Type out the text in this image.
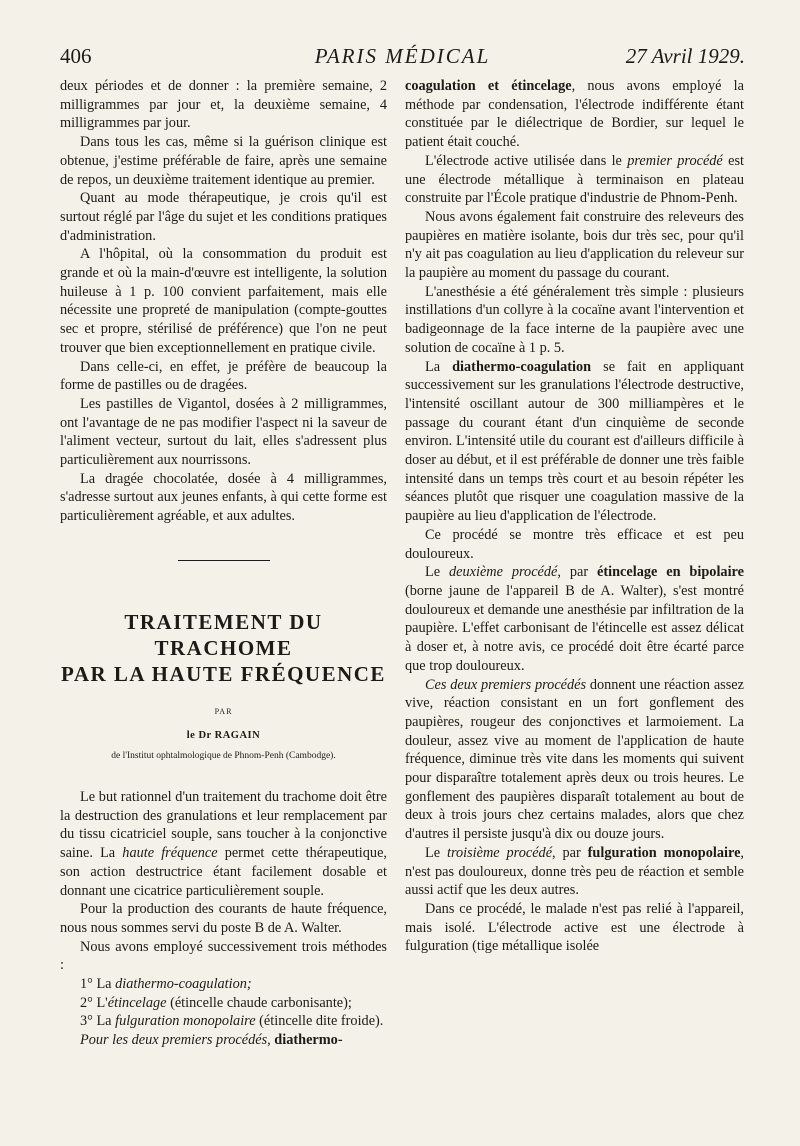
406	PARIS MÉDICAL	27 Avril 1929.

deux périodes et de donner : la première semaine, 2 milligrammes par jour et, la deuxième semaine, 4 milligrammes par jour.

Dans tous les cas, même si la guérison clinique est obtenue, j'estime préférable de faire, après une semaine de repos, un deuxième traitement identique au premier.

Quant au mode thérapeutique, je crois qu'il est surtout réglé par l'âge du sujet et les conditions pratiques d'administration.

A l'hôpital, où la consommation du produit est grande et où la main-d'œuvre est intelligente, la solution huileuse à 1 p. 100 convient parfaitement, mais elle nécessite une propreté de manipulation (compte-gouttes sec et propre, stérilisé de préférence) que l'on ne peut trouver que bien exceptionnellement en pratique civile.

Dans celle-ci, en effet, je préfère de beaucoup la forme de pastilles ou de dragées.

Les pastilles de Vigantol, dosées à 2 milligrammes, ont l'avantage de ne pas modifier l'aspect ni la saveur de l'aliment vecteur, surtout du lait, elles s'adressent plus particulièrement aux nourrissons.

La dragée chocolatée, dosée à 4 milligrammes, s'adresse surtout aux jeunes enfants, à qui cette forme est particulièrement agréable, et aux adultes.

TRAITEMENT DU TRACHOME
PAR LA HAUTE FRÉQUENCE
PAR
le Dr RAGAIN
de l'Institut ophtalmologique de Phnom-Penh (Cambodge).

Le but rationnel d'un traitement du trachome doit être la destruction des granulations et leur remplacement par du tissu cicatriciel souple, sans toucher à la conjonctive saine. La haute fréquence permet cette thérapeutique, son action destructrice étant facilement dosable et donnant une cicatrice particulièrement souple.

Pour la production des courants de haute fréquence, nous nous sommes servi du poste B de A. Walter.

Nous avons employé successivement trois méthodes :

1° La diathermo-coagulation;

2° L'étincelage (étincelle chaude carbonisante);

3° La fulguration monopolaire (étincelle dite froide).

Pour les deux premiers procédés, diathermo-

coagulation et étincelage, nous avons employé la méthode par condensation, l'électrode indifférente étant constituée par le diélectrique de Bordier, sur lequel le patient était couché.

L'électrode active utilisée dans le premier procédé est une électrode métallique à terminaison en plateau construite par l'École pratique d'industrie de Phnom-Penh.

Nous avons également fait construire des releveurs des paupières en matière isolante, bois dur très sec, pour qu'il n'y ait pas coagulation au lieu d'application du releveur sur la paupière au moment du passage du courant.

L'anesthésie a été généralement très simple : plusieurs instillations d'un collyre à la cocaïne avant l'intervention et badigeonnage de la face interne de la paupière avec une solution de cocaïne à 1 p. 5.

La diathermo-coagulation se fait en appliquant successivement sur les granulations l'électrode destructive, l'intensité oscillant autour de 300 milliampères et le passage du courant étant d'un cinquième de seconde environ. L'intensité utile du courant est d'ailleurs difficile à doser au début, et il est préférable de donner une très faible intensité dans un temps très court et au besoin répéter les séances plutôt que risquer une coagulation massive de la paupière au lieu d'application de l'électrode.

Ce procédé se montre très efficace et est peu douloureux.

Le deuxième procédé, par étincelage en bipolaire (borne jaune de l'appareil B de A. Walter), s'est montré douloureux et demande une anesthésie par infiltration de la paupière. L'effet carbonisant de l'étincelle est assez délicat à doser et, à notre avis, ce procédé doit être écarté parce que trop douloureux.

Ces deux premiers procédés donnent une réaction assez vive, réaction consistant en un fort gonflement des paupières, rougeur des conjonctives et larmoiement. La douleur, assez vive au moment de l'application de haute fréquence, diminue très vite dans les moments qui suivent pour disparaître totalement après deux ou trois heures. Le gonflement des paupières disparaît totalement au bout de deux à trois jours chez certains malades, alors que chez d'autres il persiste jusqu'à dix ou douze jours.

Le troisième procédé, par fulguration monopolaire, n'est pas douloureux, donne très peu de réaction et semble aussi actif que les deux autres.

Dans ce procédé, le malade n'est pas relié à l'appareil, mais isolé. L'électrode active est une électrode à fulguration (tige métallique isolée
